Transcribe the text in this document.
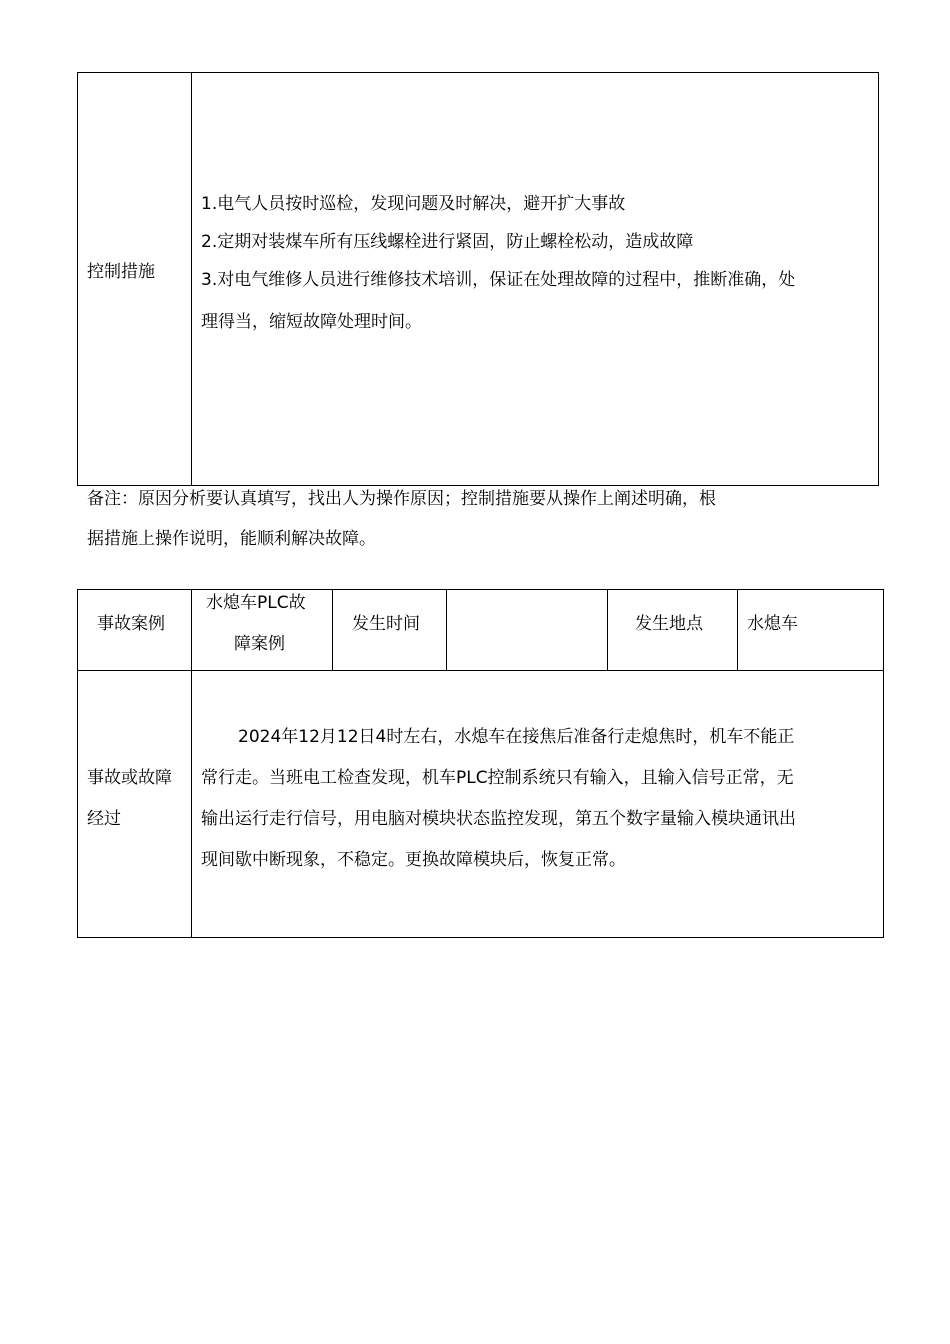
控制措施
1.电气人员按时巡检，发现问题及时解决，避开扩大事故
2.定期对装煤车所有压线螺栓进行紧固，防止螺栓松动，造成故障
3.对电气维修人员进行维修技术培训，保证在处理故障的过程中，推断准确，处
理得当，缩短故障处理时间。
备注：原因分析要认真填写，找出人为操作原因；控制措施要从操作上阐述明确，根
据措施上操作说明，能顺利解决故障。
事故案例
水熄车PLC故
障案例
发生时间	发生地点	水熄车
事故或故障
经过
2024年12月12日4时左右，水熄车在接焦后准备行走熄焦时，机车不能正
常行走。当班电工检查发现，机车PLC控制系统只有输入，且输入信号正常，无
输出运行走行信号，用电脑对模块状态监控发现，第五个数字量输入模块通讯出
现间歇中断现象，不稳定。更换故障模块后，恢复正常。
